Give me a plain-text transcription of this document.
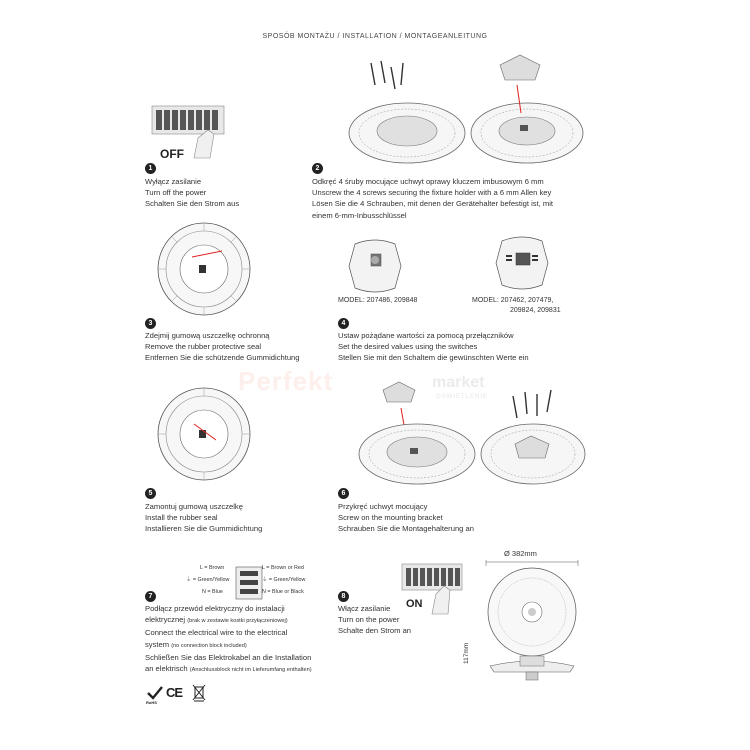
SPOSÓB MONTAŻU / INSTALLATION / MONTAGEANLEITUNG
Perfekt	market
OSWIETLENIE
OFF
1
Wyłącz zasilanie
Turn off the power
Schalten Sie den Strom aus
2
Odkręć 4 śruby mocujące uchwyt oprawy kluczem imbusowym 6 mm
Unscrew the 4 screws securing the fixture holder with a 6 mm Allen key
Lösen Sie die 4 Schrauben, mit denen der Gerätehalter befestigt ist, mit
einem 6-mm-Inbusschlüssel
3
Zdejmij gumową uszczelkę ochronną
Remove the rubber protective seal
Entfernen Sie die schützende Gummidichtung
MODEL: 207486, 209848	MODEL: 207462, 207479,
209824, 209831
4
Ustaw pożądane wartości za pomocą przełączników
Set the desired values using the switches
Stellen Sie mit den Schaltem die gewünschten Werte ein
5
Zamontuj gumową uszczelkę
Install the rubber seal
Installieren Sie die Gummidichtung
6
Przykręć uchwyt mocujący
Screw on the mounting bracket
Schrauben Sie die Montagehalterung an
L = Brown
⏚ = Green/Yellow
N = Blue
L = Brown or Red
⏚ = Green/Yellow
N = Blue or Black
7
Podłącz przewód elektryczny do instalacji
elektrycznej (brak w zestawie kostki przyłączeniowej)
Connect the electrical wire to the electrical
system (no connection block included)
Schließen Sie das Elektrokabel an die Installation
an elektrisch (Anschlussblock nicht im Lieferumfang enthalten)
ON
8
Włącz zasilanie
Turn on the power
Schalte den Strom an
Ø 382mm
117mm
RoHS
CE
